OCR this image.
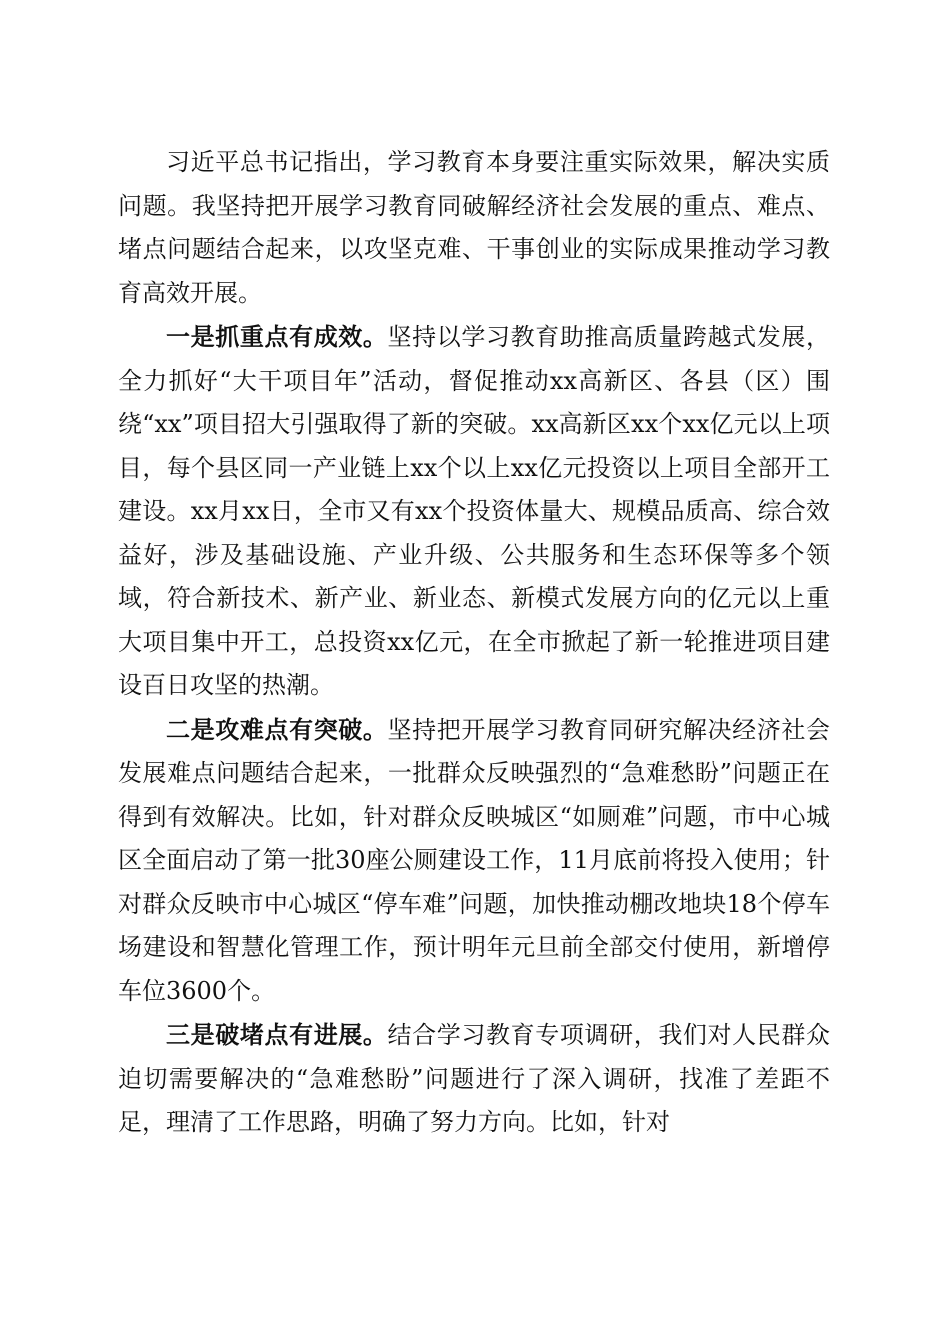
习近平总书记指出，学习教育本身要注重实际效果，解决实质问题。我坚持把开展学习教育同破解经济社会发展的重点、难点、堵点问题结合起来，以攻坚克难、干事创业的实际成果推动学习教育高效开展。

一是抓重点有成效。坚持以学习教育助推高质量跨越式发展，全力抓好“大干项目年”活动，督促推动xx高新区、各县（区）围绕“xx”项目招大引强取得了新的突破。xx高新区xx个xx亿元以上项目，每个县区同一产业链上xx个以上xx亿元投资以上项目全部开工建设。xx月xx日，全市又有xx个投资体量大、规模品质高、综合效益好，涉及基础设施、产业升级、公共服务和生态环保等多个领域，符合新技术、新产业、新业态、新模式发展方向的亿元以上重大项目集中开工，总投资xx亿元，在全市掀起了新一轮推进项目建设百日攻坚的热潮。

二是攻难点有突破。坚持把开展学习教育同研究解决经济社会发展难点问题结合起来，一批群众反映强烈的“急难愁盼”问题正在得到有效解决。比如，针对群众反映城区“如厕难”问题，市中心城区全面启动了第一批30座公厕建设工作，11月底前将投入使用；针对群众反映市中心城区“停车难”问题，加快推动棚改地块18个停车场建设和智慧化管理工作，预计明年元旦前全部交付使用，新增停车位3600个。

三是破堵点有进展。结合学习教育专项调研，我们对人民群众迫切需要解决的“急难愁盼”问题进行了深入调研，找准了差距不足，理清了工作思路，明确了努力方向。比如，针对
